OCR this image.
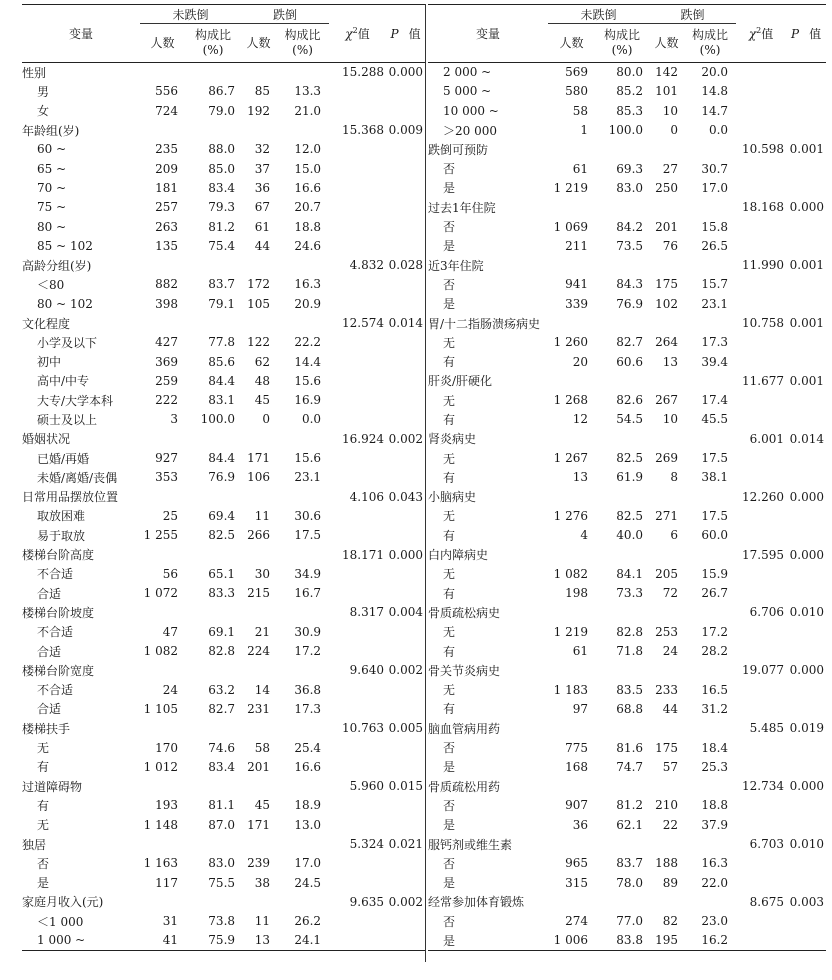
变量	未跌倒		跌倒		$\chi^2$值	P 值
	人数	构成比
(%)	人数	构成比
(%)		
性别					15.288	0.000
男	556	86.7	85	13.3		
女	724	79.0	192	21.0		
年龄组(岁)					15.368	0.009
60 ~	235	88.0	32	12.0		
65 ~	209	85.0	37	15.0		
70 ~	181	83.4	36	16.6		
75 ~	257	79.3	67	20.7		
80 ~	263	81.2	61	18.8		
85 ~ 102	135	75.4	44	24.6		
高龄分组(岁)					4.832	0.028
＜80	882	83.7	172	16.3		
80 ~ 102	398	79.1	105	20.9		
文化程度					12.574	0.014
小学及以下	427	77.8	122	22.2		
初中	369	85.6	62	14.4		
高中/中专	259	84.4	48	15.6		
大专/大学本科	222	83.1	45	16.9		
硕士及以上	3	100.0	0	0.0		
婚姻状况					16.924	0.002
已婚/再婚	927	84.4	171	15.6		
未婚/离婚/丧偶	353	76.9	106	23.1		
日常用品摆放位置					4.106	0.043
取放困难	25	69.4	11	30.6		
易于取放	1 255	82.5	266	17.5		
楼梯台阶高度					18.171	0.000
不合适	56	65.1	30	34.9		
合适	1 072	83.3	215	16.7		
楼梯台阶坡度					8.317	0.004
不合适	47	69.1	21	30.9		
合适	1 082	82.8	224	17.2		
楼梯台阶宽度					9.640	0.002
不合适	24	63.2	14	36.8		
合适	1 105	82.7	231	17.3		
楼梯扶手					10.763	0.005
无	170	74.6	58	25.4		
有	1 012	83.4	201	16.6		
过道障碍物					5.960	0.015
有	193	81.1	45	18.9		
无	1 148	87.0	171	13.0		
独居					5.324	0.021
否	1 163	83.0	239	17.0		
是	117	75.5	38	24.5		
家庭月收入(元)					9.635	0.002
＜1 000	31	73.8	11	26.2		
1 000 ~	41	75.9	13	24.1		
变量	未跌倒		跌倒		$\chi^2$值	P 值
	人数	构成比
(%)	人数	构成比
(%)		
2 000 ~	569	80.0	142	20.0		
5 000 ~	580	85.2	101	14.8		
10 000 ~	58	85.3	10	14.7		
＞20 000	1	100.0	0	0.0		
跌倒可预防					10.598	0.001
否	61	69.3	27	30.7		
是	1 219	83.0	250	17.0		
过去1年住院					18.168	0.000
否	1 069	84.2	201	15.8		
是	211	73.5	76	26.5		
近3年住院					11.990	0.001
否	941	84.3	175	15.7		
是	339	76.9	102	23.1		
胃/十二指肠溃疡病史					10.758	0.001
无	1 260	82.7	264	17.3		
有	20	60.6	13	39.4		
肝炎/肝硬化					11.677	0.001
无	1 268	82.6	267	17.4		
有	12	54.5	10	45.5		
肾炎病史					6.001	0.014
无	1 267	82.5	269	17.5		
有	13	61.9	8	38.1		
小脑病史					12.260	0.000
无	1 276	82.5	271	17.5		
有	4	40.0	6	60.0		
白内障病史					17.595	0.000
无	1 082	84.1	205	15.9		
有	198	73.3	72	26.7		
骨质疏松病史					6.706	0.010
无	1 219	82.8	253	17.2		
有	61	71.8	24	28.2		
骨关节炎病史					19.077	0.000
无	1 183	83.5	233	16.5		
有	97	68.8	44	31.2		
脑血管病用药					5.485	0.019
否	775	81.6	175	18.4		
是	168	74.7	57	25.3		
骨质疏松用药					12.734	0.000
否	907	81.2	210	18.8		
是	36	62.1	22	37.9		
服钙剂或维生素					6.703	0.010
否	965	83.7	188	16.3		
是	315	78.0	89	22.0		
经常参加体育锻炼					8.675	0.003
否	274	77.0	82	23.0		
是	1 006	83.8	195	16.2		
